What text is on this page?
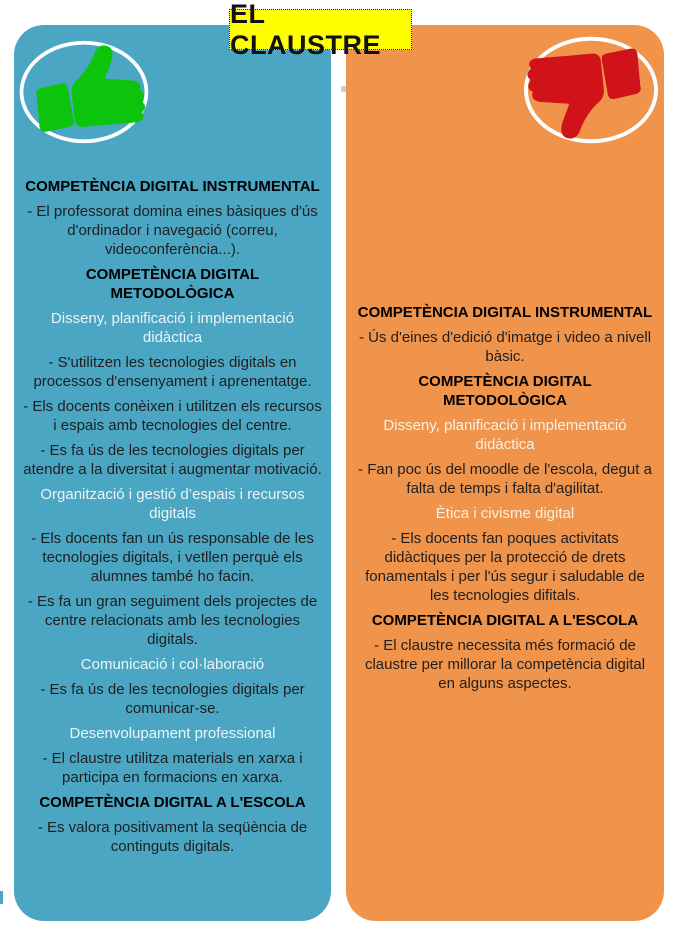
COMPETÈNCIA DIGITAL INSTRUMENTAL

- El professorat domina eines bàsiques d'ús d'ordinador i navegació (correu, videoconferència...).

COMPETÈNCIA DIGITAL METODOLÒGICA

Disseny, planificació i implementació didàctica

- S'utilitzen les tecnologies digitals en processos d'ensenyament i aprenentatge.

- Els docents conèixen i utilitzen els recursos i espais amb tecnologies del centre.

- Es fa ús de les tecnologies digitals per atendre a la diversitat i augmentar motivació.

Organització i gestió d’espais i recursos digitals

- Els docents fan un ús responsable de les tecnologies digitals, i vetllen perquè els alumnes també ho facin.

- Es fa un gran seguiment dels projectes de centre relacionats amb les tecnologies digitals.

Comunicació i col·laboració

- Es fa ús de les tecnologies digitals per comunicar-se.

Desenvolupament professional

- El claustre utilitza materials en xarxa i participa en formacions en xarxa.

COMPETÈNCIA DIGITAL A L'ESCOLA

- Es valora positivament la seqüència de continguts digitals.

COMPETÈNCIA DIGITAL INSTRUMENTAL

- Ús d'eines d'edició d'imatge i video a nivell bàsic.

COMPETÈNCIA DIGITAL METODOLÒGICA

Disseny, planificació i implementació didàctica

- Fan poc ús del moodle de l'escola, degut a falta de temps i falta d'agilitat.

Ètica i civisme digital

- Els docents fan poques activitats didàctiques per la protecció de drets fonamentals i per l'ús segur i saludable de les tecnologies difitals.

COMPETÈNCIA DIGITAL A L'ESCOLA

- El claustre necessita més formació de claustre per millorar la competència digital en alguns aspectes.

EL CLAUSTRE
